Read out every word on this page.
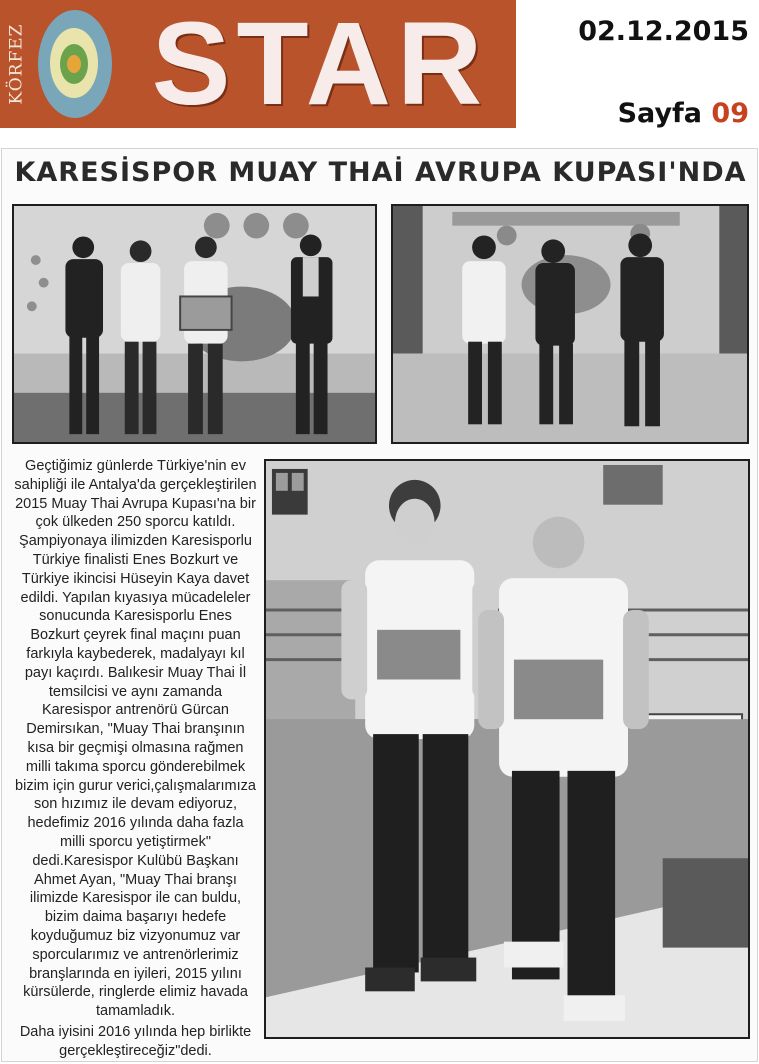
KÖRFEZ STAR	02.12.2015
Sayfa 09
KARESİSPOR MUAY THAİ AVRUPA KUPASI'NDA

Geçtiğimiz günlerde Türkiye'nin ev sahipliği ile Antalya'da gerçekleştirilen 2015 Muay Thai Avrupa Kupası'na bir çok ülkeden 250 sporcu katıldı. Şampiyonaya ilimizden Karesisporlu Türkiye finalisti Enes Bozkurt ve Türkiye ikincisi Hüseyin Kaya davet edildi. Yapılan kıyasıya mücadeleler sonucunda Karesisporlu Enes Bozkurt çeyrek final maçını puan farkıyla kaybederek, madalyayı kıl payı kaçırdı. Balıkesir Muay Thai İl temsilcisi ve aynı zamanda Karesispor antrenörü Gürcan Demirsıkan, "Muay Thai branşının kısa bir geçmişi olmasına rağmen milli takıma sporcu gönderebilmek bizim için gurur verici,çalışmalarımıza son hızımız ile devam ediyoruz, hedefimiz 2016 yılında daha fazla milli sporcu yetiştirmek" dedi.Karesispor Kulübü Başkanı Ahmet Ayan, "Muay Thai branşı ilimizde Karesispor ile can buldu, bizim daima başarıyı hedefe koyduğumuz biz vizyonumuz var sporcularımız ve antrenörlerimiz branşlarında en iyileri, 2015 yılını kürsülerde, ringlerde elimiz havada tamamladık.

Daha iyisini 2016 yılında hep birlikte gerçekleştireceğiz"dedi.
